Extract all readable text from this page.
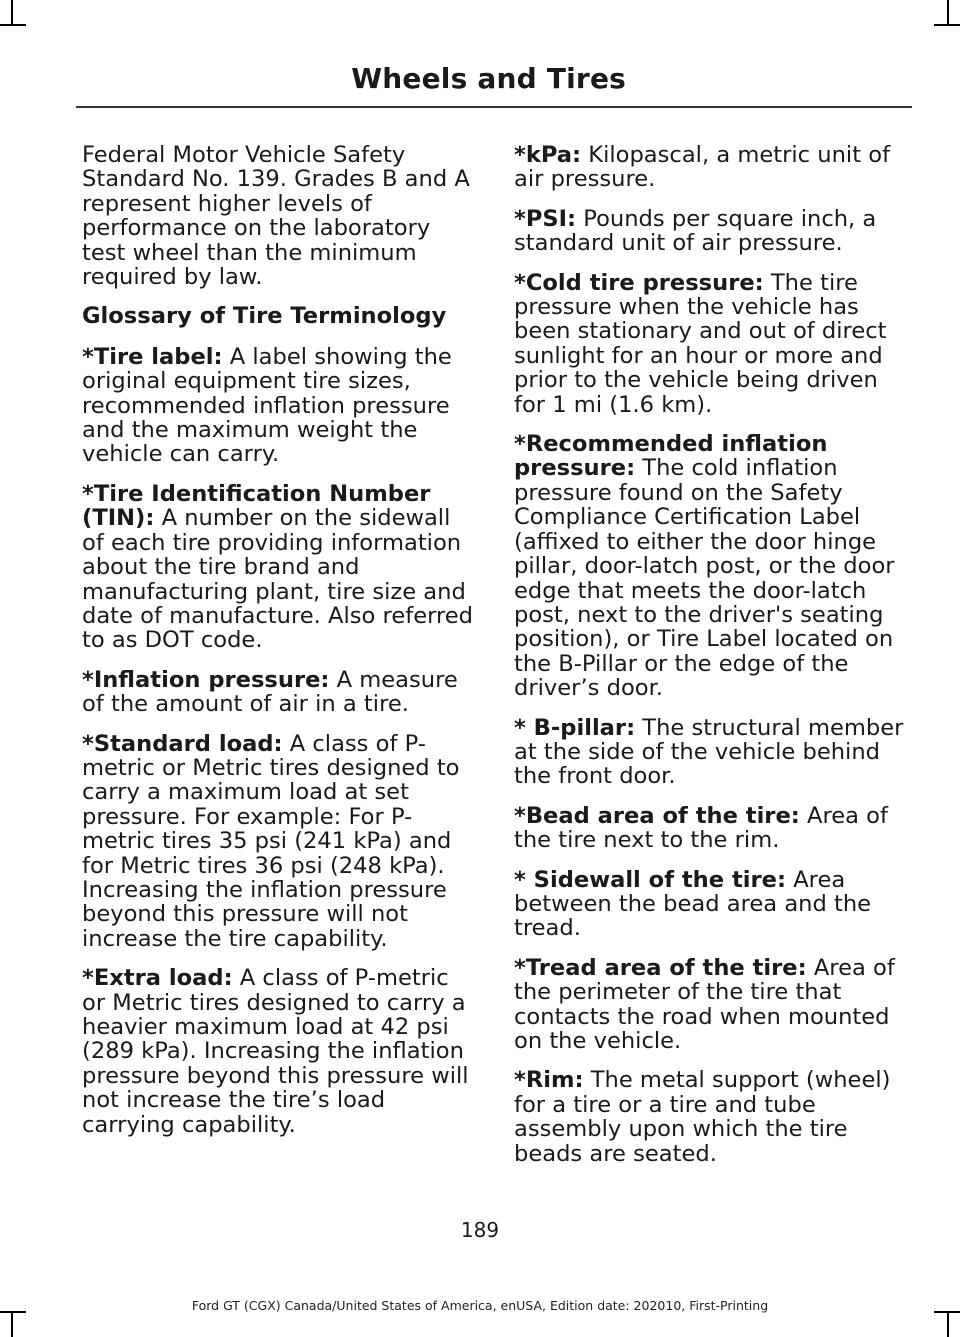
Wheels and Tires

Federal Motor Vehicle Safety Standard No. 139. Grades B and A represent higher levels of performance on the laboratory test wheel than the minimum required by law.

Glossary of Tire Terminology

*Tire label: A label showing the original equipment tire sizes, recommended inflation pressure and the maximum weight the vehicle can carry.

*Tire Identification Number (TIN): A number on the sidewall of each tire providing information about the tire brand and manufacturing plant, tire size and date of manufacture. Also referred to as DOT code.

*Inflation pressure: A measure of the amount of air in a tire.

*Standard load: A class of P-metric or Metric tires designed to carry a maximum load at set pressure. For example: For P-metric tires 35 psi (241 kPa) and for Metric tires 36 psi (248 kPa). Increasing the inflation pressure beyond this pressure will not increase the tire capability.

*Extra load: A class of P-metric or Metric tires designed to carry a heavier maximum load at 42 psi (289 kPa). Increasing the inflation pressure beyond this pressure will not increase the tire’s load carrying capability.

*kPa: Kilopascal, a metric unit of air pressure.

*PSI: Pounds per square inch, a standard unit of air pressure.

*Cold tire pressure: The tire pressure when the vehicle has been stationary and out of direct sunlight for an hour or more and prior to the vehicle being driven for 1 mi (1.6 km).

*Recommended inflation pressure: The cold inflation pressure found on the Safety Compliance Certification Label (affixed to either the door hinge pillar, door-latch post, or the door edge that meets the door-latch post, next to the driver's seating position), or Tire Label located on the B-Pillar or the edge of the driver’s door.

* B-pillar: The structural member at the side of the vehicle behind the front door.

*Bead area of the tire: Area of the tire next to the rim.

* Sidewall of the tire: Area between the bead area and the tread.

*Tread area of the tire: Area of the perimeter of the tire that contacts the road when mounted on the vehicle.

*Rim: The metal support (wheel) for a tire or a tire and tube assembly upon which the tire beads are seated.

189
Ford GT (CGX) Canada/United States of America, enUSA, Edition date: 202010, First-Printing
